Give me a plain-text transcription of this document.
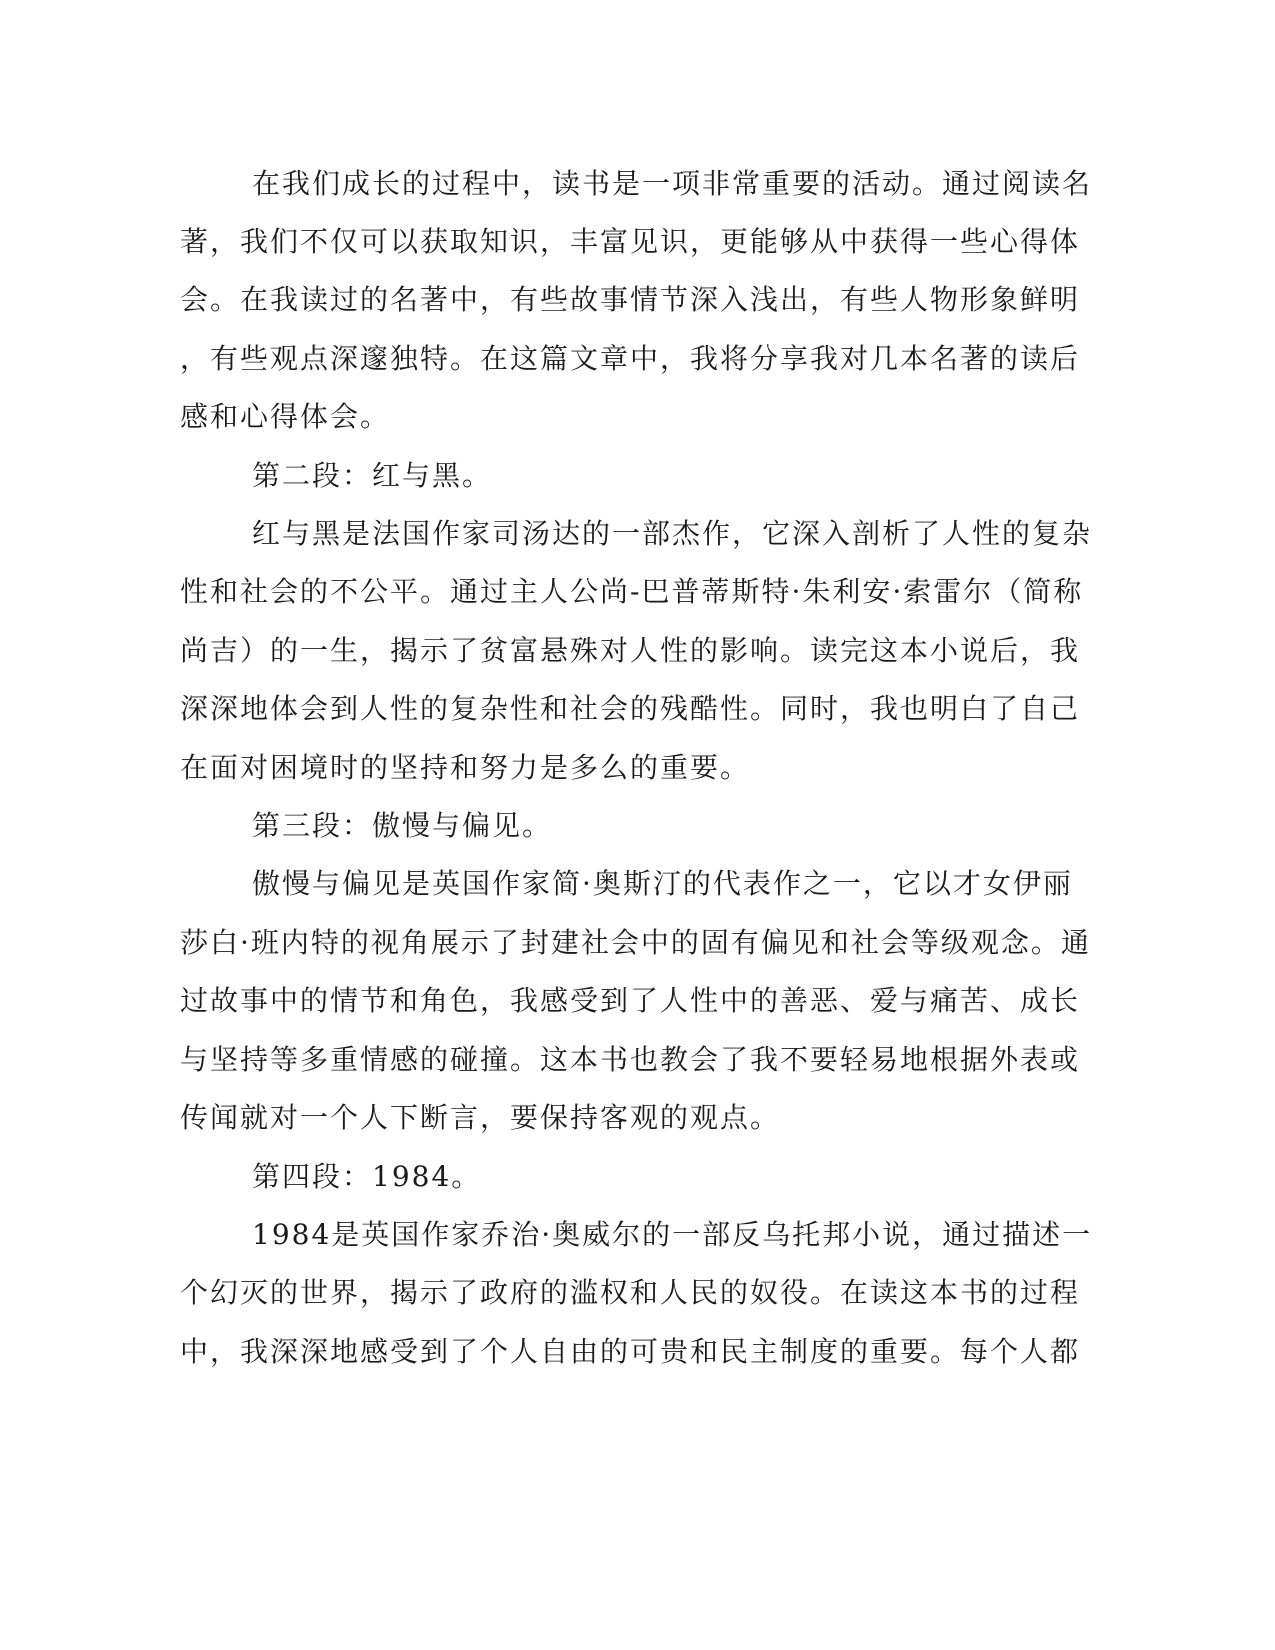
在我们成长的过程中，读书是一项非常重要的活动。通过阅读名
著，我们不仅可以获取知识，丰富见识，更能够从中获得一些心得体
会。在我读过的名著中，有些故事情节深入浅出，有些人物形象鲜明
，有些观点深邃独特。在这篇文章中，我将分享我对几本名著的读后
感和心得体会。
第二段：红与黑。
红与黑是法国作家司汤达的一部杰作，它深入剖析了人性的复杂
性和社会的不公平。通过主人公尚-巴普蒂斯特·朱利安·索雷尔（简称
尚吉）的一生，揭示了贫富悬殊对人性的影响。读完这本小说后，我
深深地体会到人性的复杂性和社会的残酷性。同时，我也明白了自己
在面对困境时的坚持和努力是多么的重要。
第三段：傲慢与偏见。
傲慢与偏见是英国作家简·奥斯汀的代表作之一，它以才女伊丽
莎白·班内特的视角展示了封建社会中的固有偏见和社会等级观念。通
过故事中的情节和角色，我感受到了人性中的善恶、爱与痛苦、成长
与坚持等多重情感的碰撞。这本书也教会了我不要轻易地根据外表或
传闻就对一个人下断言，要保持客观的观点。
第四段：1984。
1984是英国作家乔治·奥威尔的一部反乌托邦小说，通过描述一
个幻灭的世界，揭示了政府的滥权和人民的奴役。在读这本书的过程
中，我深深地感受到了个人自由的可贵和民主制度的重要。每个人都
